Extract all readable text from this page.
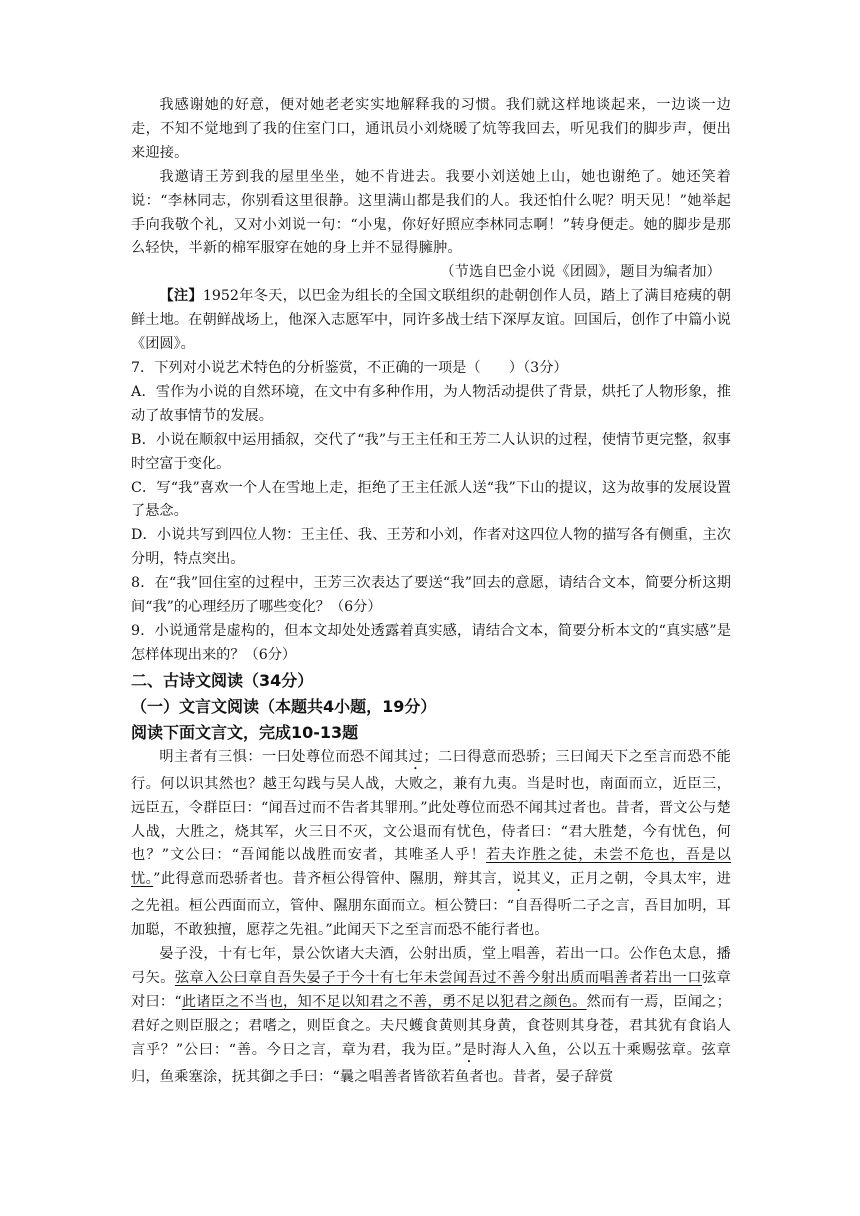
我感谢她的好意，便对她老老实实地解释我的习惯。我们就这样地谈起来，一边谈一边走，不知不觉地到了我的住室门口，通讯员小刘烧暖了炕等我回去，听见我们的脚步声，便出来迎接。

我邀请王芳到我的屋里坐坐，她不肯进去。我要小刘送她上山，她也谢绝了。她还笑着说：“李林同志，你别看这里很静。这里满山都是我们的人。我还怕什么呢？明天见！”她举起手向我敬个礼，又对小刘说一句：“小鬼，你好好照应李林同志啊！”转身便走。她的脚步是那么轻快，半新的棉军服穿在她的身上并不显得臃肿。

（节选自巴金小说《团圆》，题目为编者加）

【注】1952年冬天，以巴金为组长的全国文联组织的赴朝创作人员，踏上了满目疮痍的朝鲜土地。在朝鲜战场上，他深入志愿军中，同许多战士结下深厚友谊。回国后，创作了中篇小说《团圆》。

7．下列对小说艺术特色的分析鉴赏，不正确的一项是（　　）（3分）

A．雪作为小说的自然环境，在文中有多种作用，为人物活动提供了背景，烘托了人物形象，推动了故事情节的发展。

B．小说在顺叙中运用插叙，交代了“我”与王主任和王芳二人认识的过程，使情节更完整，叙事时空富于变化。

C．写“我”喜欢一个人在雪地上走，拒绝了王主任派人送“我”下山的提议，这为故事的发展设置了悬念。

D．小说共写到四位人物：王主任、我、王芳和小刘，作者对这四位人物的描写各有侧重，主次分明，特点突出。

8．在“我”回住室的过程中，王芳三次表达了要送“我”回去的意愿，请结合文本，简要分析这期间“我”的心理经历了哪些变化？（6分）

9．小说通常是虚构的，但本文却处处透露着真实感，请结合文本，简要分析本文的“真实感”是怎样体现出来的？（6分）

二、古诗文阅读（34分）

（一）文言文阅读（本题共4小题，19分）

阅读下面文言文，完成10-13题

明主者有三惧：一曰处尊位而恐不闻其过；二曰得意而恐骄；三曰闻天下之至言而恐不能行。何以识其然也？越王勾践与吴人战，大败之，兼有九夷。当是时也，南面而立，近臣三，远臣五，令群臣曰：“闻吾过而不告者其罪刑。”此处尊位而恐不闻其过者也。昔者，晋文公与楚人战，大胜之，烧其军，火三日不灭，文公退而有忧色，侍者曰：“君大胜楚，今有忧色，何也？”文公曰：“吾闻能以战胜而安者，其唯圣人乎！若夫诈胜之徒，未尝不危也，吾是以忧。”此得意而恐骄者也。昔齐桓公得管仲、隰朋，辩其言，说其义，正月之朝，令具太牢，进之先祖。桓公西面而立，管仲、隰朋东面而立。桓公赞曰：“自吾得听二子之言，吾目加明，耳加聪，不敢独擅，愿荐之先祖。”此闻天下之至言而恐不能行者也。

晏子没，十有七年，景公饮诸大夫酒，公射出质，堂上唱善，若出一口。公作色太息，播弓矢。弦章入公曰章自吾失晏子于今十有七年未尝闻吾过不善今射出质而唱善者若出一口弦章对曰：“此诸臣之不当也，知不足以知君之不善，勇不足以犯君之颜色。然而有一焉，臣闻之；君好之则臣服之；君嗜之，则臣食之。夫尺蠖食黄则其身黄，食苍则其身苍，君其犹有食谄人言乎？”公曰：“善。今日之言，章为君，我为臣。”是时海人入鱼，公以五十乘赐弦章。弦章归，鱼乘塞涂，抚其御之手曰：“曩之唱善者皆欲若鱼者也。昔者，晏子辞赏
